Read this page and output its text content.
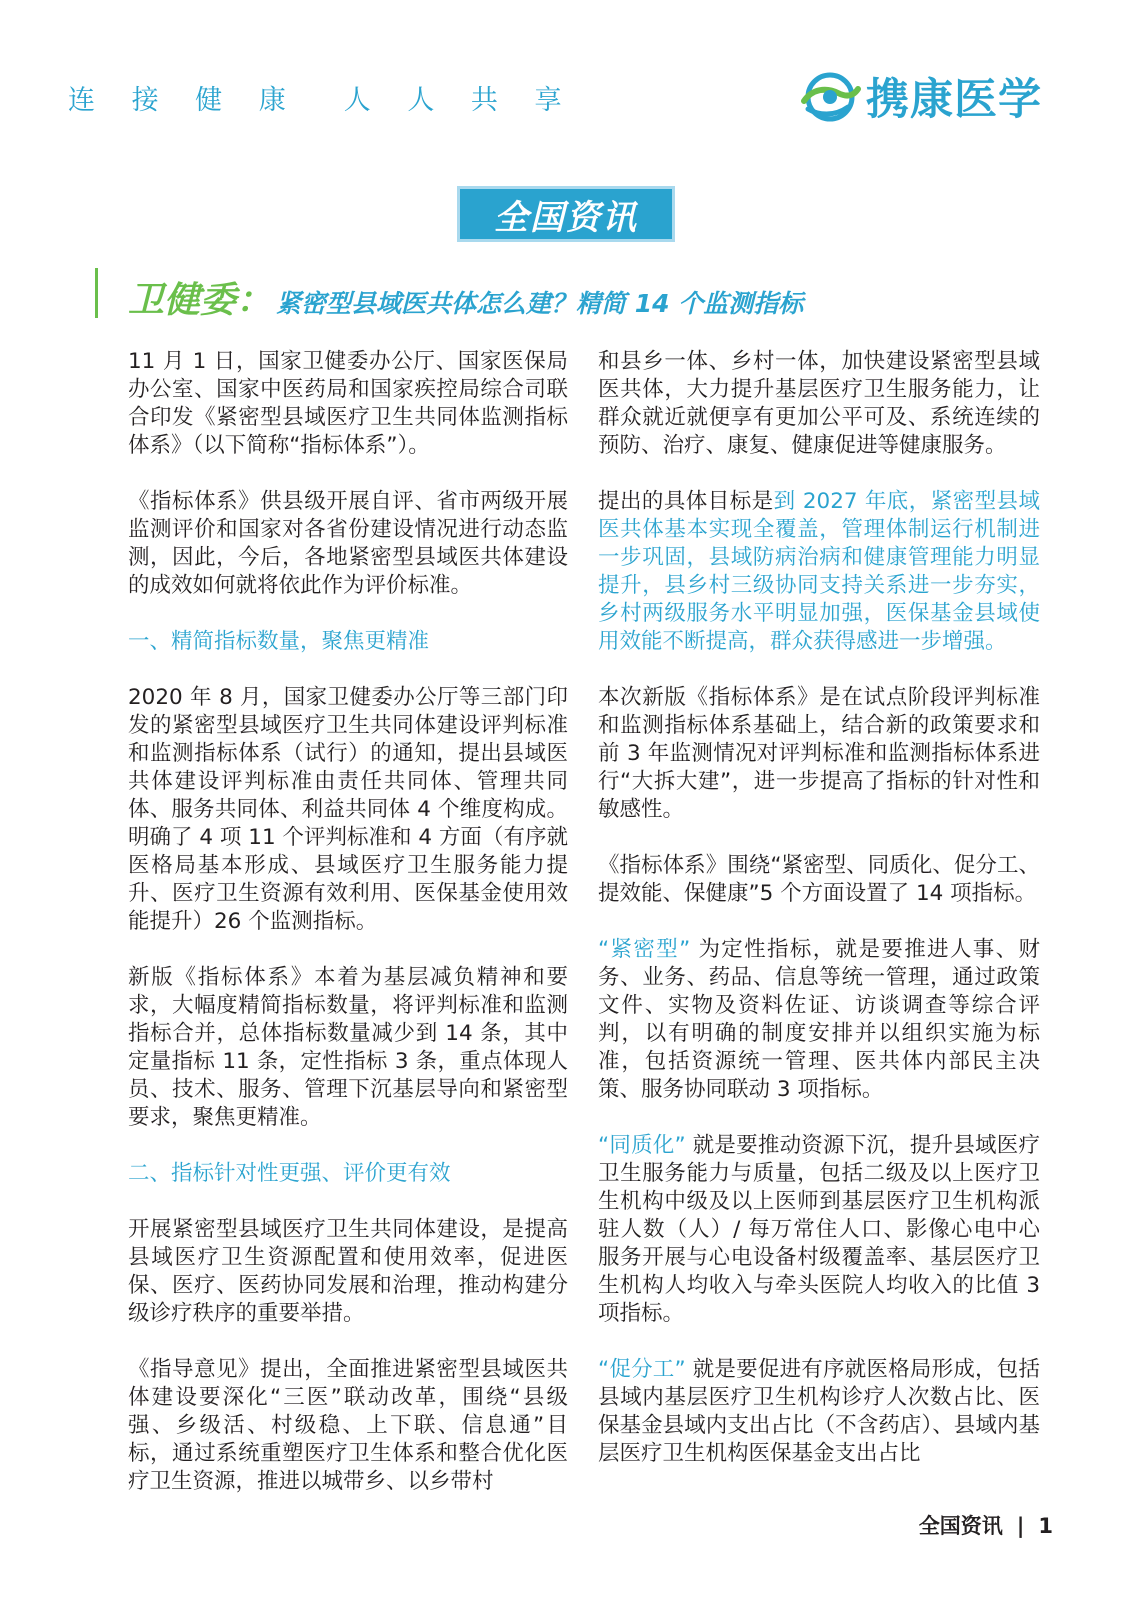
连 接 健 康 人 人 共 享	携康医学
全国资讯
卫健委： 紧密型县域医共体怎么建？精简 14 个监测指标

11 月 1 日，国家卫健委办公厅、国家医保局办公室、国家中医药局和国家疾控局综合司联合印发《紧密型县域医疗卫生共同体监测指标体系》（以下简称“指标体系”）。

《指标体系》供县级开展自评、省市两级开展监测评价和国家对各省份建设情况进行动态监测，因此，今后，各地紧密型县域医共体建设的成效如何就将依此作为评价标准。

一、精简指标数量，聚焦更精准

2020 年 8 月，国家卫健委办公厅等三部门印发的紧密型县域医疗卫生共同体建设评判标准和监测指标体系（试行）的通知，提出县域医共体建设评判标准由责任共同体、管理共同体、服务共同体、利益共同体 4 个维度构成。明确了 4 项 11 个评判标准和 4 方面（有序就医格局基本形成、县域医疗卫生服务能力提升、医疗卫生资源有效利用、医保基金使用效能提升）26 个监测指标。

新版《指标体系》本着为基层减负精神和要求，大幅度精简指标数量，将评判标准和监测指标合并，总体指标数量减少到 14 条，其中定量指标 11 条，定性指标 3 条，重点体现人员、技术、服务、管理下沉基层导向和紧密型要求，聚焦更精准。

二、指标针对性更强、评价更有效

开展紧密型县域医疗卫生共同体建设，是提高县域医疗卫生资源配置和使用效率，促进医保、医疗、医药协同发展和治理，推动构建分级诊疗秩序的重要举措。

《指导意见》提出，全面推进紧密型县域医共体建设要深化“三医”联动改革，围绕“县级强、乡级活、村级稳、上下联、信息通”目标，通过系统重塑医疗卫生体系和整合优化医疗卫生资源，推进以城带乡、以乡带村

和县乡一体、乡村一体，加快建设紧密型县域医共体，大力提升基层医疗卫生服务能力，让群众就近就便享有更加公平可及、系统连续的预防、治疗、康复、健康促进等健康服务。

提出的具体目标是到 2027 年底，紧密型县域医共体基本实现全覆盖，管理体制运行机制进一步巩固，县域防病治病和健康管理能力明显提升，县乡村三级协同支持关系进一步夯实，乡村两级服务水平明显加强，医保基金县域使用效能不断提高，群众获得感进一步增强。

本次新版《指标体系》是在试点阶段评判标准和监测指标体系基础上，结合新的政策要求和前 3 年监测情况对评判标准和监测指标体系进行“大拆大建”，进一步提高了指标的针对性和敏感性。

《指标体系》围绕“紧密型、同质化、促分工、提效能、保健康”5 个方面设置了 14 项指标。

“紧密型” 为定性指标，就是要推进人事、财务、业务、药品、信息等统一管理，通过政策文件、实物及资料佐证、访谈调查等综合评判，以有明确的制度安排并以组织实施为标准，包括资源统一管理、医共体内部民主决策、服务协同联动 3 项指标。

“同质化” 就是要推动资源下沉，提升县域医疗卫生服务能力与质量，包括二级及以上医疗卫生机构中级及以上医师到基层医疗卫生机构派驻人数（人）/ 每万常住人口、影像心电中心服务开展与心电设备村级覆盖率、基层医疗卫生机构人均收入与牵头医院人均收入的比值 3 项指标。

“促分工” 就是要促进有序就医格局形成，包括县域内基层医疗卫生机构诊疗人次数占比、医保基金县域内支出占比（不含药店）、县域内基层医疗卫生机构医保基金支出占比

全国资讯 | 1
